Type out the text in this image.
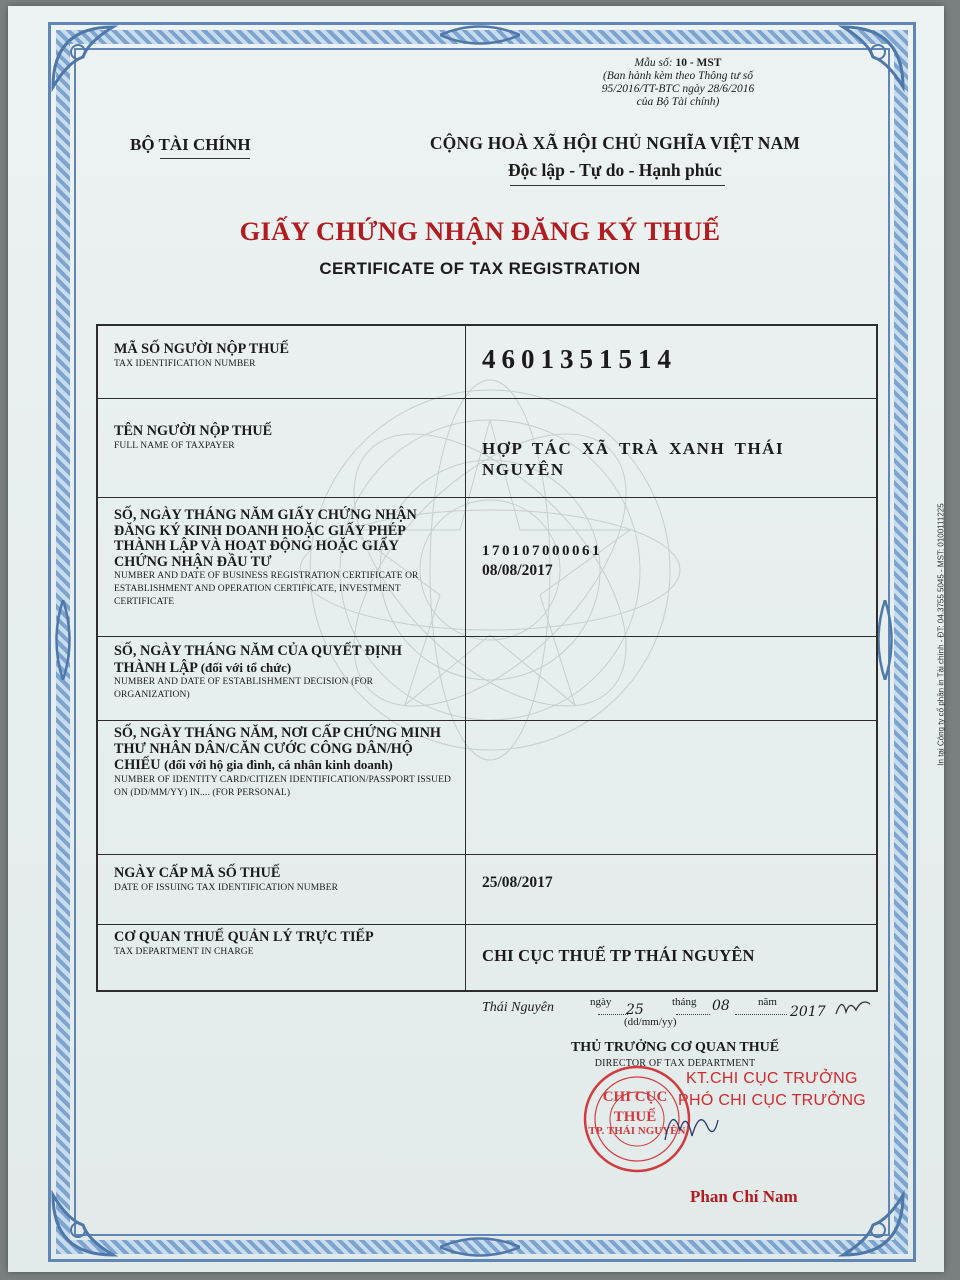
Mẫu số: 10 - MST
(Ban hành kèm theo Thông tư số
95/2016/TT-BTC ngày 28/6/2016
của Bộ Tài chính)
BỘ TÀI CHÍNH	CỘNG HOÀ XÃ HỘI CHỦ NGHĨA VIỆT NAM
Độc lập - Tự do - Hạnh phúc
GIẤY CHỨNG NHẬN ĐĂNG KÝ THUẾ
CERTIFICATE OF TAX REGISTRATION
MÃ SỐ NGƯỜI NỘP THUẾ
TAX IDENTIFICATION NUMBER	4601351514
TÊN NGƯỜI NỘP THUẾ
FULL NAME OF TAXPAYER	HỢP TÁC XÃ TRÀ XANH THÁI NGUYÊN
SỐ, NGÀY THÁNG NĂM GIẤY CHỨNG NHẬN ĐĂNG KÝ KINH DOANH HOẶC GIẤY PHÉP THÀNH LẬP VÀ HOẠT ĐỘNG HOẶC GIẤY CHỨNG NHẬN ĐẦU TƯ
NUMBER AND DATE OF BUSINESS REGISTRATION CERTIFICATE OR ESTABLISHMENT AND OPERATION CERTIFICATE, INVESTMENT CERTIFICATE
170107000061
08/08/2017
SỐ, NGÀY THÁNG NĂM CỦA QUYẾT ĐỊNH THÀNH LẬP (đối với tổ chức)
NUMBER AND DATE OF ESTABLISHMENT DECISION (FOR ORGANIZATION)
SỐ, NGÀY THÁNG NĂM, NƠI CẤP CHỨNG MINH THƯ NHÂN DÂN/CĂN CƯỚC CÔNG DÂN/HỘ CHIẾU (đối với hộ gia đình, cá nhân kinh doanh)
NUMBER OF IDENTITY CARD/CITIZEN IDENTIFICATION/PASSPORT ISSUED ON (DD/MM/YY) IN.... (FOR PERSONAL)
NGÀY CẤP MÃ SỐ THUẾ
DATE OF ISSUING TAX IDENTIFICATION NUMBER	25/08/2017
CƠ QUAN THUẾ QUẢN LÝ TRỰC TIẾP
TAX DEPARTMENT IN CHARGE	CHI CỤC THUẾ TP THÁI NGUYÊN
Thái Nguyên	ngày 25	tháng 08	năm
2017
(dd/mm/yy)
THỦ TRƯỞNG CƠ QUAN THUẾ
DIRECTOR OF TAX DEPARTMENT
KT.CHI CỤC TRƯỞNG
PHÓ CHI CỤC TRƯỞNG
TP. THÁI NGUYÊN
CHI CỤC THUẾ
Phan Chí Nam
In tại Công ty cổ phần in Tài chính - ĐT: 04.3755 5045 - MST: 0100111225
